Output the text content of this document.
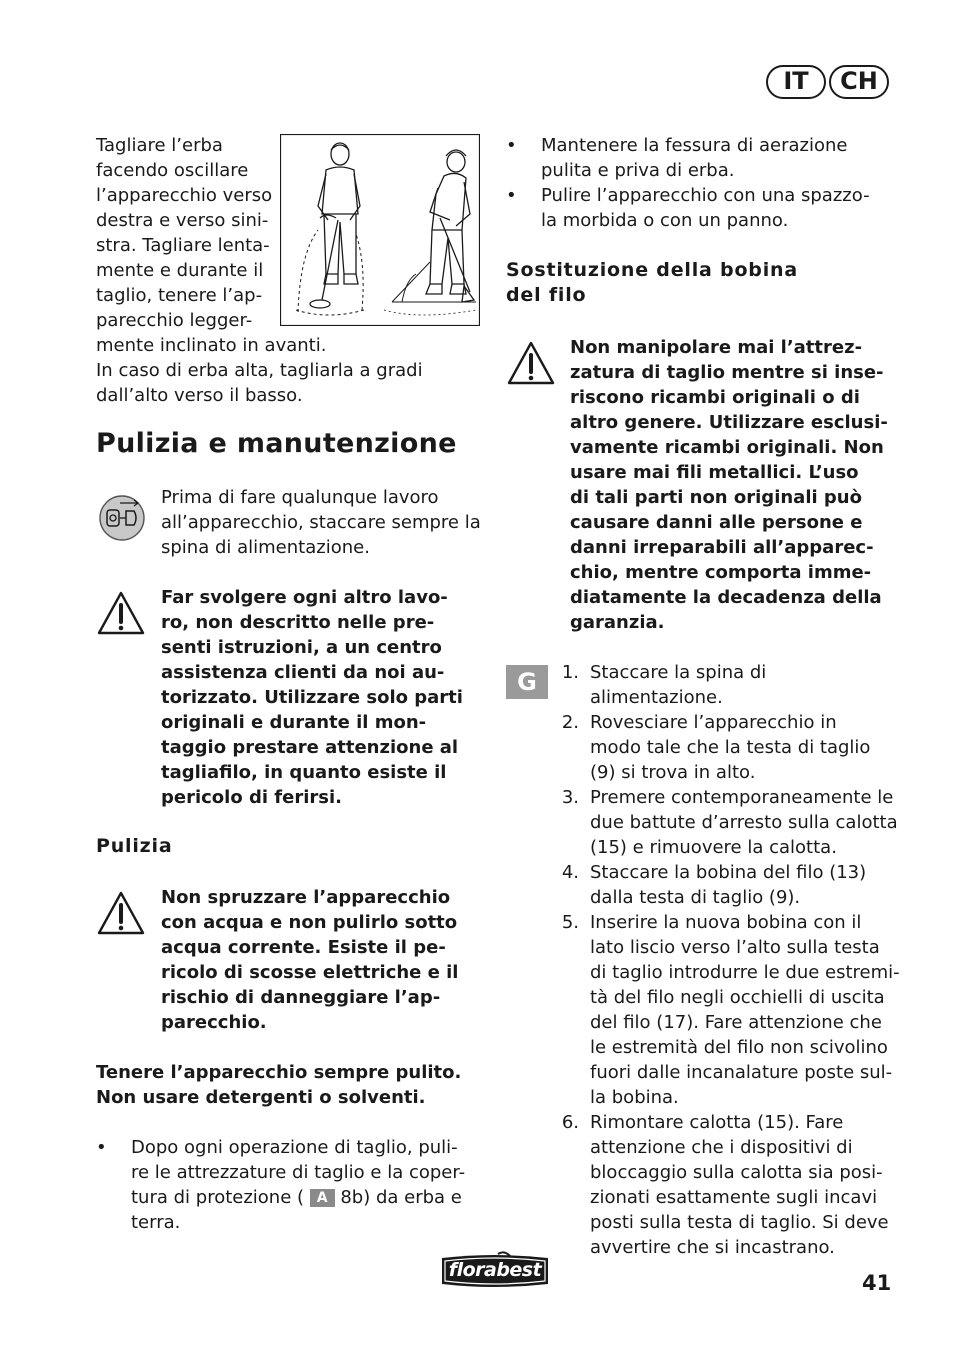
IT	CH

Tagliare l’erba

facendo oscillare

l’apparecchio verso

destra e verso sini-

stra. Tagliare lenta-

mente e durante il

taglio, tenere l’ap-

parecchio legger-

mente inclinato in avanti.

In caso di erba alta, tagliarla a gradi

dall’alto verso il basso.

Pulizia e manutenzione

Prima di fare qualunque lavoro

all’apparecchio, staccare sempre la

spina di alimentazione.

Far svolgere ogni altro lavo-

ro, non descritto nelle pre-

senti istruzioni, a un centro

assistenza clienti da noi au-

torizzato. Utilizzare solo parti

originali e durante il mon-

taggio prestare attenzione al

tagliafilo, in quanto esiste il

pericolo di ferirsi.

Pulizia

Non spruzzare l’apparecchio

con acqua e non pulirlo sotto

acqua corrente. Esiste il pe-

ricolo di scosse elettriche e il

rischio di danneggiare l’ap-

parecchio.

Tenere l’apparecchio sempre pulito.

Non usare detergenti o solventi.

• Dopo ogni operazione di taglio, puli-
re le attrezzature di taglio e la coper-
tura di protezione ( A 8b) da erba e
terra.
• Mantenere la fessura di aerazione
pulita e priva di erba.
• Pulire l’apparecchio con una spazzo-
la morbida o con un panno.
Sostituzione della bobina
del filo

Non manipolare mai l’attrez-

zatura di taglio mentre si inse-

riscono ricambi originali o di

altro genere. Utilizzare esclusi-

vamente ricambi originali. Non

usare mai fili metallici. L’uso

di tali parti non originali può

causare danni alle persone e

danni irreparabili all’apparec-

chio, mentre comporta imme-

diatamente la decadenza della

garanzia.

G	1. Staccare la spina di alimentazione.
2. Rovesciare l’apparecchio in
modo tale che la testa di taglio
(9) si trova in alto.
3. Premere contemporaneamente le
due battute d’arresto sulla calotta
(15) e rimuovere la calotta.
4. Staccare la bobina del filo (13)
dalla testa di taglio (9).
5. Inserire la nuova bobina con il
lato liscio verso l’alto sulla testa
di taglio introdurre le due estremi-
tà del filo negli occhielli di uscita
del filo (17). Fare attenzione che
le estremità del filo non scivolino
fuori dalle incanalature poste sul-
la bobina.
6. Rimontare calotta (15). Fare
attenzione che i dispositivi di
bloccaggio sulla calotta sia posi-
zionati esattamente sugli incavi
posti sulla testa di taglio. Si deve
avvertire che si incastrano.
florabest
41
